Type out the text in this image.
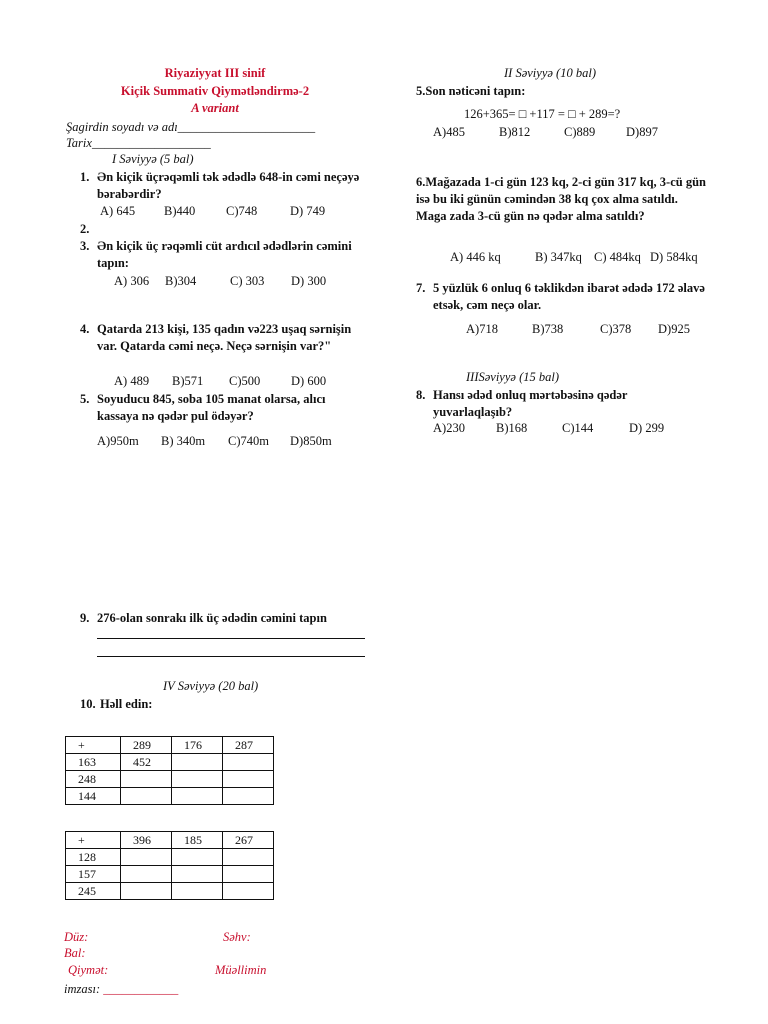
Riyaziyyat III sinif
Kiçik Summativ Qiymətləndirmə-2
A variant
Şagirdin soyadı və adı______________________
Tarix___________________
I Səviyyə (5 bal)
1. Ən kiçik üçrəqəmli tək ədədlə 648-in cəmi neçəyə bərabərdir?
A) 645 B)440 C)748	D) 749
2.
3. Ən kiçik üç rəqəmli cüt ardıcıl ədədlərin cəmini tapın:
A) 306 B)304	C) 303 D) 300
4. Qatarda 213 kişi, 135 qadın və223 uşaq sərnişin var. Qatarda cəmi neçə. Neçə sərnişin var?"
A) 489 B)571 C)500 D) 600
5. Soyuducu 845, soba 105 manat olarsa, alıcı kassaya nə qədər pul ödəyər?
A)950m B) 340m C)740m D)850m
II Səviyyə (10 bal)
5.Son nəticəni tapın:
126+365= □ +117 = □ + 289=?
A)485	B)812	C)889 D)897
6.Mağazada 1-ci gün 123 kq, 2-ci gün 317 kq, 3-cü gün isə bu iki günün cəmindən 38 kq çox alma satıldı. Maga zada 3-cü gün nə qədər alma satıldı?
A) 446 kq	B) 347kq C) 484kq D) 584kq
7. 5 yüzlük 6 onluq 6 təklikdən ibarət ədədə 172 əlavə etsək, cəm neçə olar.
A)718	B)738	C)378 D)925
IIISəviyyə (15 bal)
8. Hansı ədəd onluq mərtəbəsinə qədər yuvarlaqlaşıb?
A)230 B)168	C)144	D) 299
9. 276-olan sonrakı ilk üç ədədin cəmini tapın
IV Səviyyə (20 bal)
10. Həll edin:
+	289	176	287
163	452		
248			
144			
+	396	185	267
128			
157			
245			
Düz:	Səhv:
Bal:
Qiymət:	Müəllimin
imzası: ____________
